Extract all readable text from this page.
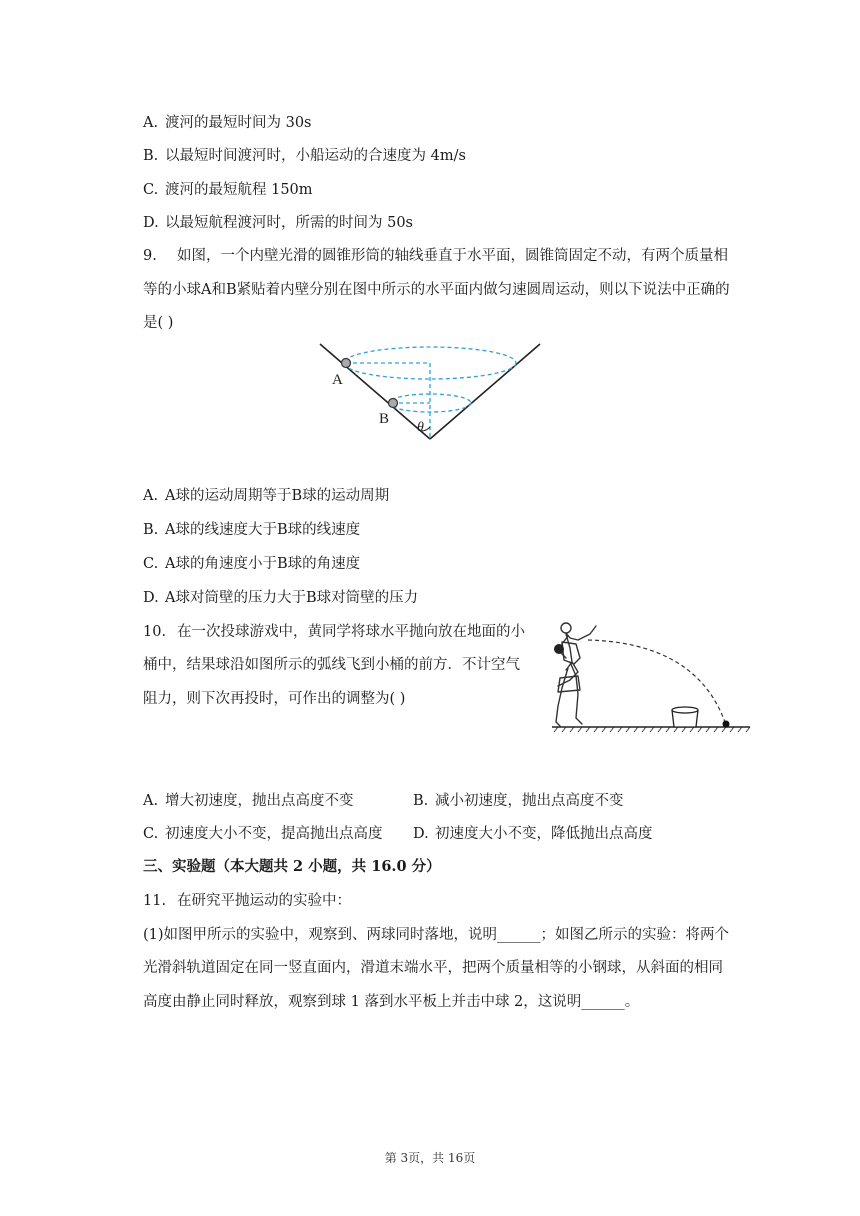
A. 渡河的最短时间为 30s
B. 以最短时间渡河时，小船运动的合速度为 4m/s
C. 渡河的最短航程 150m
D. 以最短航程渡河时，所需的时间为 50s
9. 如图，一个内壁光滑的圆锥形筒的轴线垂直于水平面，圆锥筒固定不动，有两个质量相
等的小球A和B紧贴着内壁分别在图中所示的水平面内做匀速圆周运动，则以下说法中正确的
是( )
A
B
θ
A. A球的运动周期等于B球的运动周期
B. A球的线速度大于B球的线速度
C. A球的角速度小于B球的角速度
D. A球对筒壁的压力大于B球对筒壁的压力
10. 在一次投球游戏中，黄同学将球水平抛向放在地面的小
桶中，结果球沿如图所示的弧线飞到小桶的前方．不计空气
阻力，则下次再投时，可作出的调整为( )
A. 增大初速度，抛出点高度不变	B. 减小初速度，抛出点高度不变
C. 初速度大小不变，提高抛出点高度 D. 初速度大小不变，降低抛出点高度
三、实验题（本大题共 2 小题，共 16.0 分）
11. 在研究平抛运动的实验中：
(1)如图甲所示的实验中，观察到、两球同时落地，说明______；如图乙所示的实验：将两个
光滑斜轨道固定在同一竖直面内，滑道末端水平，把两个质量相等的小钢球，从斜面的相同
高度由静止同时释放，观察到球 1 落到水平板上并击中球 2，这说明______。
第 3页，共 16页
